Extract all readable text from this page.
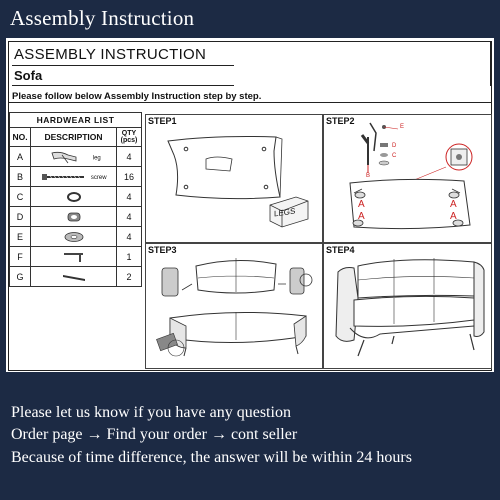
Assembly Instruction
ASSEMBLY INSTRUCTION
Sofa
Please follow below Assembly Instruction step by step.
HARDWEAR LIST		
NO.	DESCRIPTION	QTY
(pcs)

A	leg	4
B	screw	16
C		4
D		4
E		4
F		1
G		2
STEP1
LEGS
STEP2
E
D
C
B
A	A
A	A
STEP3	STEP4
Please let us know if you have any question
Order page → Find your order → cont seller
Because of time difference, the answer will be within 24 hours
